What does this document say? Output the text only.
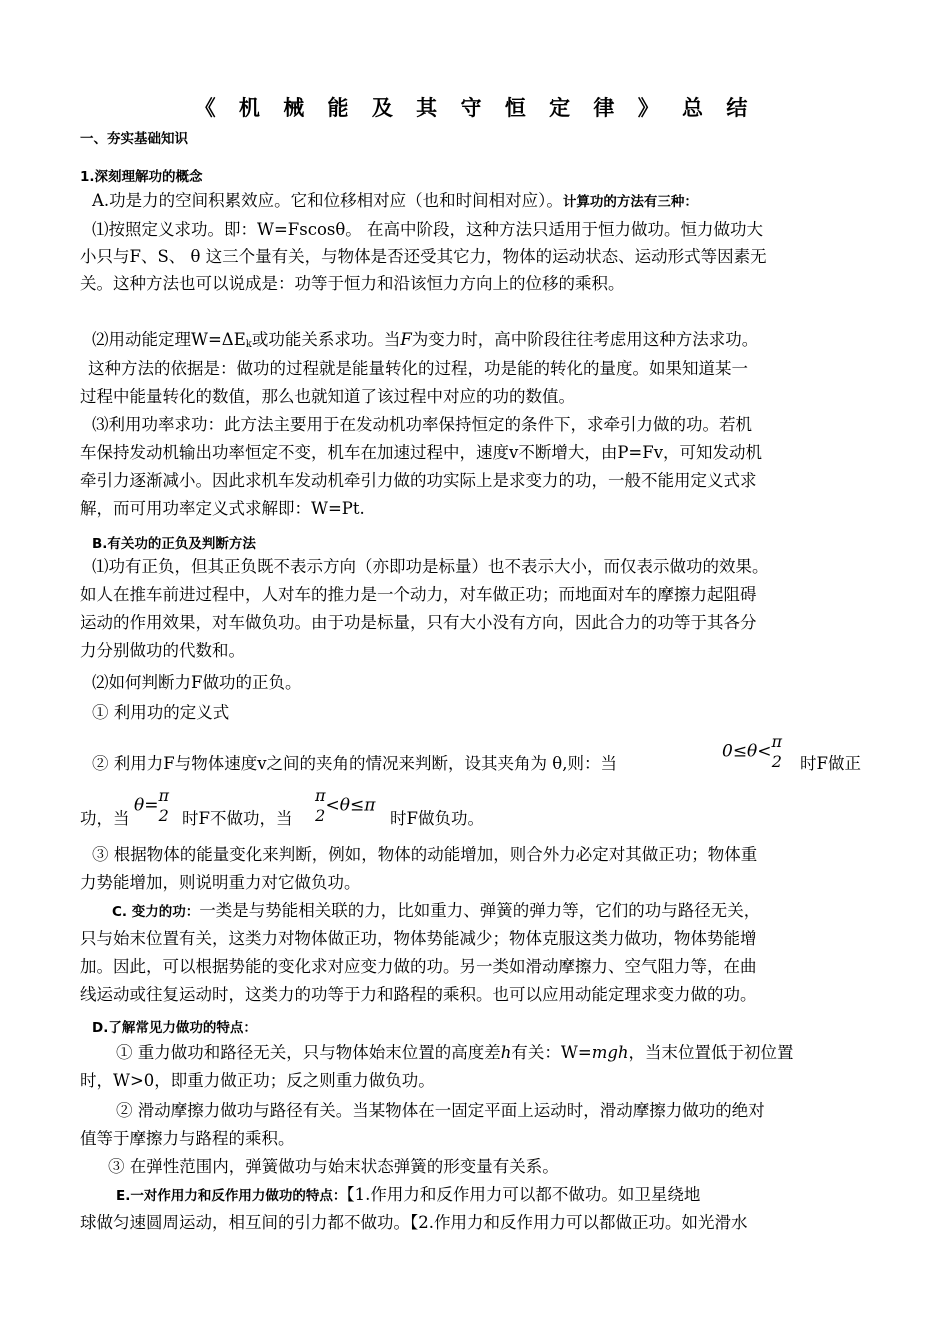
《 机 械 能 及 其 守 恒 定 律 》 总 结
一、夯实基础知识
1.深刻理解功的概念
A.功是力的空间积累效应。它和位移相对应（也和时间相对应）。计算功的方法有三种：
⑴按照定义求功。即：W=Fscosθ。 在高中阶段，这种方法只适用于恒力做功。恒力做功大
小只与F、S、 θ 这三个量有关，与物体是否还受其它力，物体的运动状态、运动形式等因素无
关。这种方法也可以说成是：功等于恒力和沿该恒力方向上的位移的乘积。
⑵用动能定理$W=\Delta E_k$或功能关系求功。当F为变力时，高中阶段往往考虑用这种方法求功。
这种方法的依据是：做功的过程就是能量转化的过程，功是能的转化的量度。如果知道某一
过程中能量转化的数值，那么也就知道了该过程中对应的功的数值。
⑶利用功率求功：此方法主要用于在发动机功率保持恒定的条件下，求牵引力做的功。若机
车保持发动机输出功率恒定不变，机车在加速过程中，速度v不断增大，由P=Fv，可知发动机
牵引力逐渐减小。因此求机车发动机牵引力做的功实际上是求变力的功，一般不能用定义式求
解，而可用功率定义式求解即：W=Pt.
B.有关功的正负及判断方法
⑴功有正负，但其正负既不表示方向（亦即功是标量）也不表示大小，而仅表示做功的效果。
如人在推车前进过程中，人对车的推力是一个动力，对车做正功；而地面对车的摩擦力起阻碍
运动的作用效果，对车做负功。由于功是标量，只有大小没有方向，因此合力的功等于其各分
力分别做功的代数和。
⑵如何判断力F做功的正负。
① 利用功的定义式
② 利用力F与物体速度v之间的夹角的情况来判断，设其夹角为 θ,则：当
0≤θ< π
2 时F做正
功，当
θ= π
2 时F不做功，当
π
2 <θ≤π
时F做负功。
③ 根据物体的能量变化来判断，例如，物体的动能增加，则合外力必定对其做正功；物体重
力势能增加，则说明重力对它做负功。
C. 变力的功：一类是与势能相关联的力，比如重力、弹簧的弹力等，它们的功与路径无关，
只与始末位置有关，这类力对物体做正功，物体势能减少；物体克服这类力做功，物体势能增
加。因此，可以根据势能的变化求对应变力做的功。另一类如滑动摩擦力、空气阻力等，在曲
线运动或往复运动时，这类力的功等于力和路程的乘积。也可以应用动能定理求变力做的功。
D.了解常见力做功的特点：
① 重力做功和路径无关，只与物体始末位置的高度差h有关：W=mgh，当末位置低于初位置
时，W>0，即重力做正功；反之则重力做负功。
② 滑动摩擦力做功与路径有关。当某物体在一固定平面上运动时，滑动摩擦力做功的绝对
值等于摩擦力与路程的乘积。
③ 在弹性范围内，弹簧做功与始末状态弹簧的形变量有关系。
E.一对作用力和反作用力做功的特点：【1.作用力和反作用力可以都不做功。如卫星绕地
球做匀速圆周运动，相互间的引力都不做功。【2.作用力和反作用力可以都做正功。如光滑水
